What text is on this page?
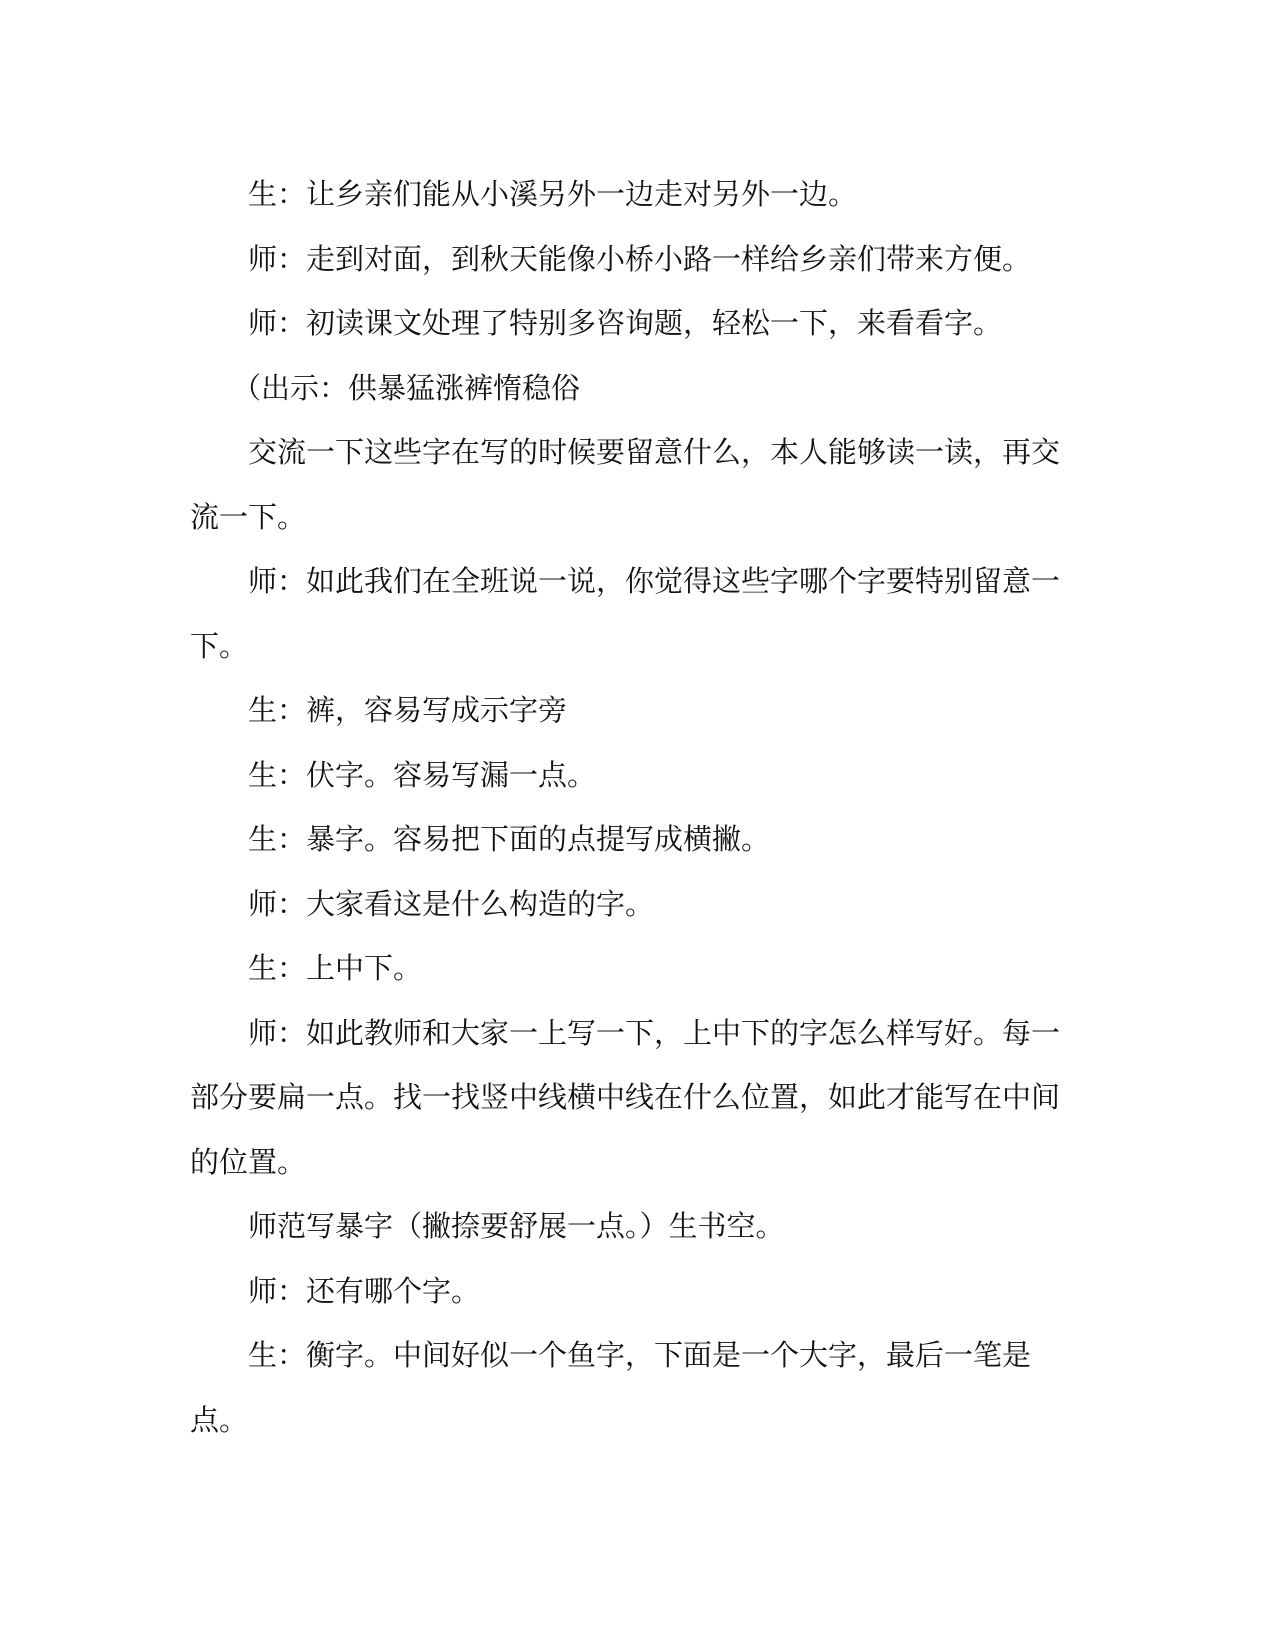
生：让乡亲们能从小溪另外一边走对另外一边。

师：走到对面，到秋天能像小桥小路一样给乡亲们带来方便。

师：初读课文处理了特别多咨询题，轻松一下，来看看字。

（出示：供暴猛涨裤惰稳俗

交流一下这些字在写的时候要留意什么，本人能够读一读，再交流一下。

师：如此我们在全班说一说，你觉得这些字哪个字要特别留意一下。

生：裤，容易写成示字旁

生：伏字。容易写漏一点。

生：暴字。容易把下面的点提写成横撇。

师：大家看这是什么构造的字。

生：上中下。

师：如此教师和大家一上写一下，上中下的字怎么样写好。每一部分要扁一点。找一找竖中线横中线在什么位置，如此才能写在中间的位置。

师范写暴字（撇捺要舒展一点。）生书空。

师：还有哪个字。

生：衡字。中间好似一个鱼字，下面是一个大字，最后一笔是点。
